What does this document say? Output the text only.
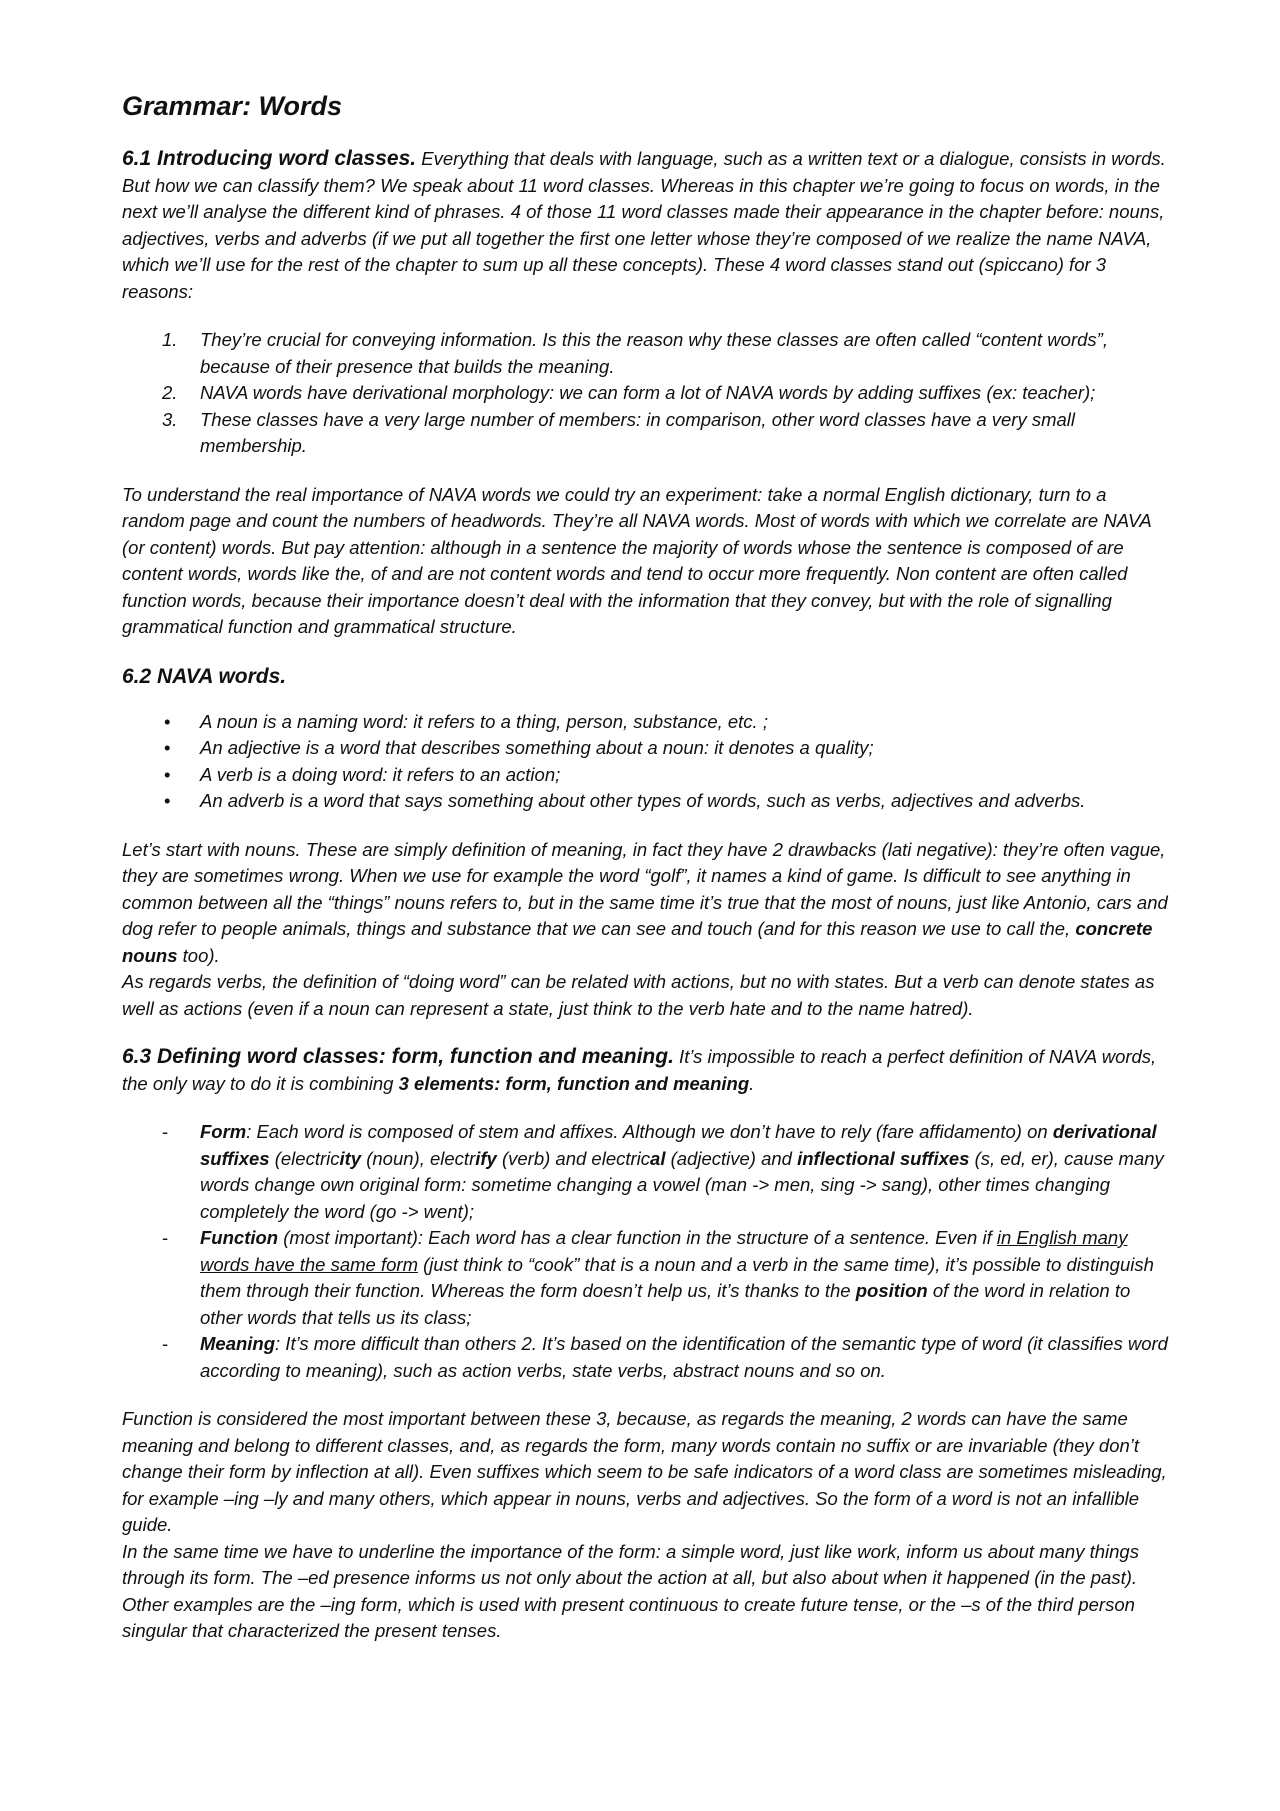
Grammar: Words

6.1 Introducing word classes. Everything that deals with language, such as a written text or a dialogue, consists in words. But how we can classify them? We speak about 11 word classes. Whereas in this chapter we’re going to focus on words, in the next we’ll analyse the different kind of phrases. 4 of those 11 word classes made their appearance in the chapter before: nouns, adjectives, verbs and adverbs (if we put all together the first one letter whose they’re composed of we realize the name NAVA, which we’ll use for the rest of the chapter to sum up all these concepts). These 4 word classes stand out (spiccano) for 3 reasons:

1. They’re crucial for conveying information. Is this the reason why these classes are often called “content words”, because of their presence that builds the meaning.
2. NAVA words have derivational morphology: we can form a lot of NAVA words by adding suffixes (ex: teacher);
3. These classes have a very large number of members: in comparison, other word classes have a very small membership.

To understand the real importance of NAVA words we could try an experiment: take a normal English dictionary, turn to a random page and count the numbers of headwords. They’re all NAVA words. Most of words with which we correlate are NAVA (or content) words. But pay attention: although in a sentence the majority of words whose the sentence is composed of are content words, words like the, of and are not content words and tend to occur more frequently. Non content are often called function words, because their importance doesn’t deal with the information that they convey, but with the role of signalling grammatical function and grammatical structure.

6.2 NAVA words.
• A noun is a naming word: it refers to a thing, person, substance, etc. ;
• An adjective is a word that describes something about a noun: it denotes a quality;
• A verb is a doing word: it refers to an action;
• An adverb is a word that says something about other types of words, such as verbs, adjectives and adverbs.

Let’s start with nouns. These are simply definition of meaning, in fact they have 2 drawbacks (lati negative): they’re often vague, they are sometimes wrong. When we use for example the word “golf”, it names a kind of game. Is difficult to see anything in common between all the “things” nouns refers to, but in the same time it’s true that the most of nouns, just like Antonio, cars and dog refer to people animals, things and substance that we can see and touch (and for this reason we use to call the, concrete nouns too).

As regards verbs, the definition of “doing word” can be related with actions, but no with states. But a verb can denote states as well as actions (even if a noun can represent a state, just think to the verb hate and to the name hatred).

6.3 Defining word classes: form, function and meaning. It’s impossible to reach a perfect definition of NAVA words, the only way to do it is combining 3 elements: form, function and meaning.

- Form: Each word is composed of stem and affixes. Although we don’t have to rely (fare affidamento) on derivational suffixes (electricity (noun), electrify (verb) and electrical (adjective) and inflectional suffixes (s, ed, er), cause many words change own original form: sometime changing a vowel (man -> men, sing -> sang), other times changing completely the word (go -> went);
- Function (most important): Each word has a clear function in the structure of a sentence. Even if in English many words have the same form (just think to “cook” that is a noun and a verb in the same time), it’s possible to distinguish them through their function. Whereas the form doesn’t help us, it’s thanks to the position of the word in relation to other words that tells us its class;
- Meaning: It’s more difficult than others 2. It’s based on the identification of the semantic type of word (it classifies word according to meaning), such as action verbs, state verbs, abstract nouns and so on.

Function is considered the most important between these 3, because, as regards the meaning, 2 words can have the same meaning and belong to different classes, and, as regards the form, many words contain no suffix or are invariable (they don’t change their form by inflection at all). Even suffixes which seem to be safe indicators of a word class are sometimes misleading, for example –ing –ly and many others, which appear in nouns, verbs and adjectives. So the form of a word is not an infallible guide.

In the same time we have to underline the importance of the form: a simple word, just like work, inform us about many things through its form. The –ed presence informs us not only about the action at all, but also about when it happened (in the past). Other examples are the –ing form, which is used with present continuous to create future tense, or the –s of the third person singular that characterized the present tenses.
